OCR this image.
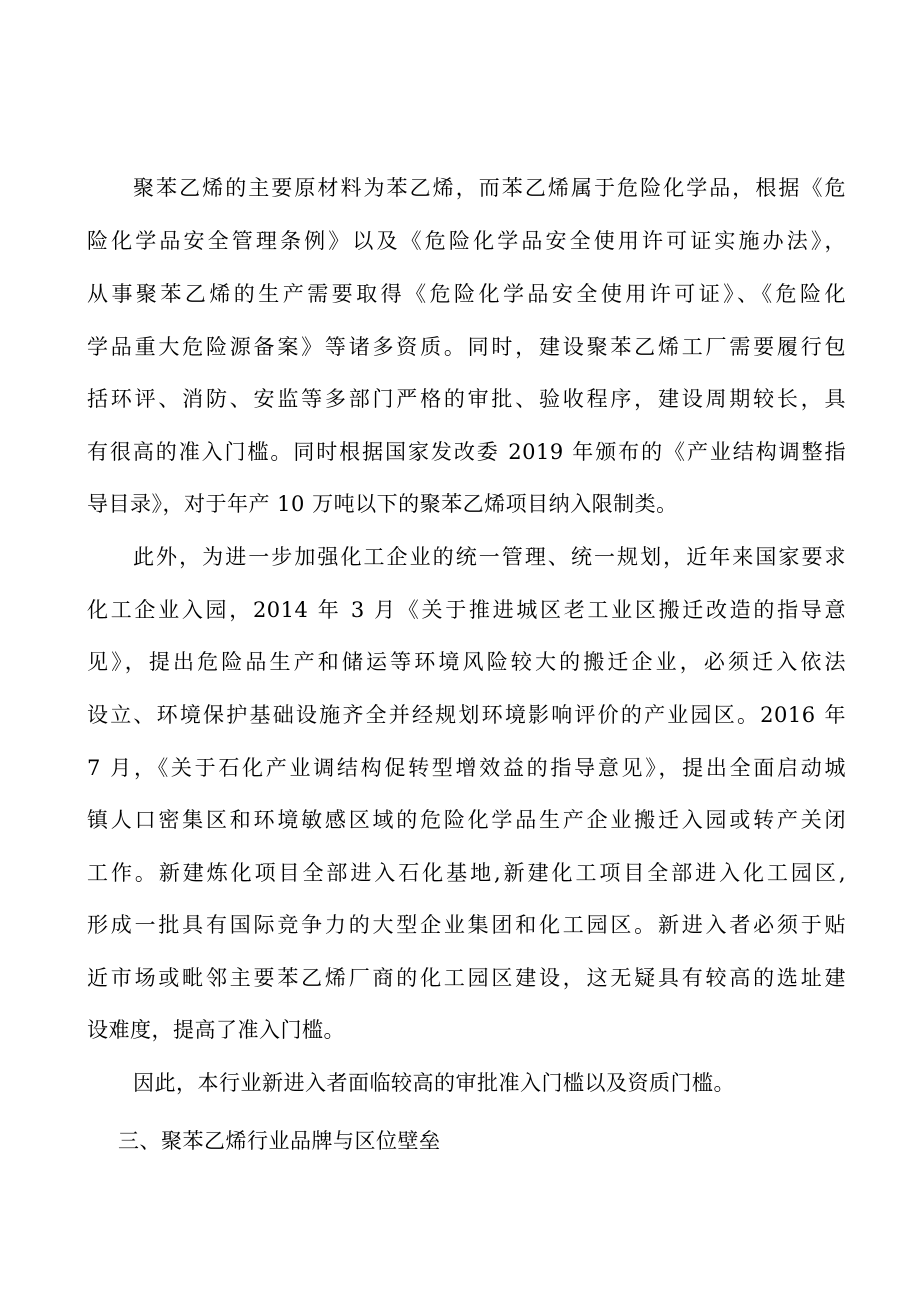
聚苯乙烯的主要原材料为苯乙烯，而苯乙烯属于危险化学品，根据《危
险化学品安全管理条例》以及《危险化学品安全使用许可证实施办法》，
从事聚苯乙烯的生产需要取得《危险化学品安全使用许可证》、《危险化
学品重大危险源备案》等诸多资质。同时，建设聚苯乙烯工厂需要履行包
括环评、消防、安监等多部门严格的审批、验收程序，建设周期较长，具
有很高的准入门槛。同时根据国家发改委 2019 年颁布的《产业结构调整指
导目录》，对于年产 10 万吨以下的聚苯乙烯项目纳入限制类。
此外，为进一步加强化工企业的统一管理、统一规划，近年来国家要求
化工企业入园，2014 年 3 月《关于推进城区老工业区搬迁改造的指导意
见》，提出危险品生产和储运等环境风险较大的搬迁企业，必须迁入依法
设立、环境保护基础设施齐全并经规划环境影响评价的产业园区。2016 年
7 月，《关于石化产业调结构促转型增效益的指导意见》，提出全面启动城
镇人口密集区和环境敏感区域的危险化学品生产企业搬迁入园或转产关闭
工作。新建炼化项目全部进入石化基地,新建化工项目全部进入化工园区,
形成一批具有国际竞争力的大型企业集团和化工园区。新进入者必须于贴
近市场或毗邻主要苯乙烯厂商的化工园区建设，这无疑具有较高的选址建
设难度，提高了准入门槛。
因此，本行业新进入者面临较高的审批准入门槛以及资质门槛。
三、聚苯乙烯行业品牌与区位壁垒
